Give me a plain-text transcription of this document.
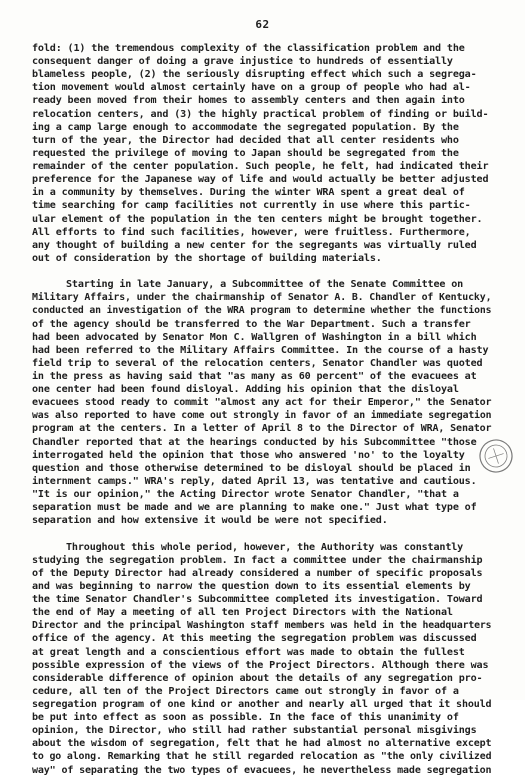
62
fold: (1) the tremendous complexity of the classification problem and the
consequent danger of doing a grave injustice to hundreds of essentially
blameless people, (2) the seriously disrupting effect which such a segrega-
tion movement would almost certainly have on a group of people who had al-
ready been moved from their homes to assembly centers and then again into
relocation centers, and (3) the highly practical problem of finding or build-
ing a camp large enough to accommodate the segregated population. By the
turn of the year, the Director had decided that all center residents who
requested the privilege of moving to Japan should be segregated from the
remainder of the center population. Such people, he felt, had indicated their
preference for the Japanese way of life and would actually be better adjusted
in a community by themselves. During the winter WRA spent a great deal of
time searching for camp facilities not currently in use where this partic-
ular element of the population in the ten centers might be brought together.
All efforts to find such facilities, however, were fruitless. Furthermore,
any thought of building a new center for the segregants was virtually ruled
out of consideration by the shortage of building materials.
Starting in late January, a Subcommittee of the Senate Committee on
Military Affairs, under the chairmanship of Senator A. B. Chandler of Kentucky,
conducted an investigation of the WRA program to determine whether the functions
of the agency should be transferred to the War Department. Such a transfer
had been advocated by Senator Mon C. Wallgren of Washington in a bill which
had been referred to the Military Affairs Committee. In the course of a hasty
field trip to several of the relocation centers, Senator Chandler was quoted
in the press as having said that "as many as 60 percent" of the evacuees at
one center had been found disloyal. Adding his opinion that the disloyal
evacuees stood ready to commit "almost any act for their Emperor," the Senator
was also reported to have come out strongly in favor of an immediate segregation
program at the centers. In a letter of April 8 to the Director of WRA, Senator
Chandler reported that at the hearings conducted by his Subcommittee "those
interrogated held the opinion that those who answered 'no' to the loyalty
question and those otherwise determined to be disloyal should be placed in
internment camps." WRA's reply, dated April 13, was tentative and cautious.
"It is our opinion," the Acting Director wrote Senator Chandler, "that a
separation must be made and we are planning to make one." Just what type of
separation and how extensive it would be were not specified.
Throughout this whole period, however, the Authority was constantly
studying the segregation problem. In fact a committee under the chairmanship
of the Deputy Director had already considered a number of specific proposals
and was beginning to narrow the question down to its essential elements by
the time Senator Chandler's Subcommittee completed its investigation. Toward
the end of May a meeting of all ten Project Directors with the National
Director and the principal Washington staff members was held in the headquarters
office of the agency. At this meeting the segregation problem was discussed
at great length and a conscientious effort was made to obtain the fullest
possible expression of the views of the Project Directors. Although there was
considerable difference of opinion about the details of any segregation pro-
cedure, all ten of the Project Directors came out strongly in favor of a
segregation program of one kind or another and nearly all urged that it should
be put into effect as soon as possible. In the face of this unanimity of
opinion, the Director, who still had rather substantial personal misgivings
about the wisdom of segregation, felt that he had almost no alternative except
to go along. Remarking that he still regarded relocation as "the only civilized
way" of separating the two types of evacuees, he nevertheless made segregation
